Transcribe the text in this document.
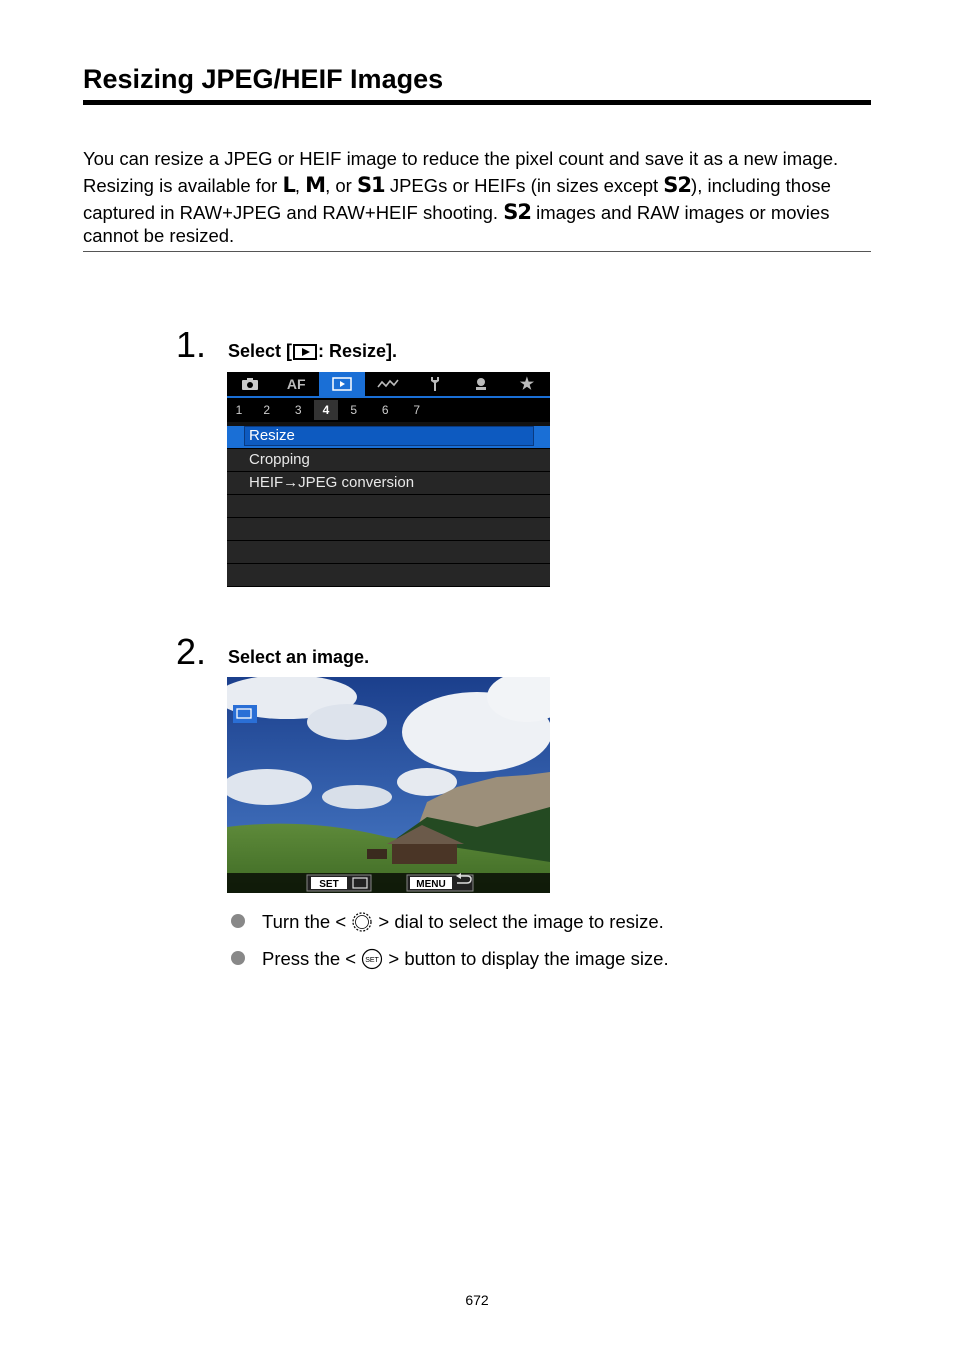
Resizing JPEG/HEIF Images
You can resize a JPEG or HEIF image to reduce the pixel count and save it as a new image.
Resizing is available for L, M, or S1 JPEGs or HEIFs (in sizes except S2), including those
captured in RAW+JPEG and RAW+HEIF shooting. S2 images and RAW images or movies
cannot be resized.
1. Select [ : Resize].
AF	★
1	2	3	4	5	6	7
Resize
Cropping
HEIF→JPEG conversion
2. Select an image.
SET	MENU
Turn the <  > dial to select the image to resize.
Press the < SET > button to display the image size.
672
